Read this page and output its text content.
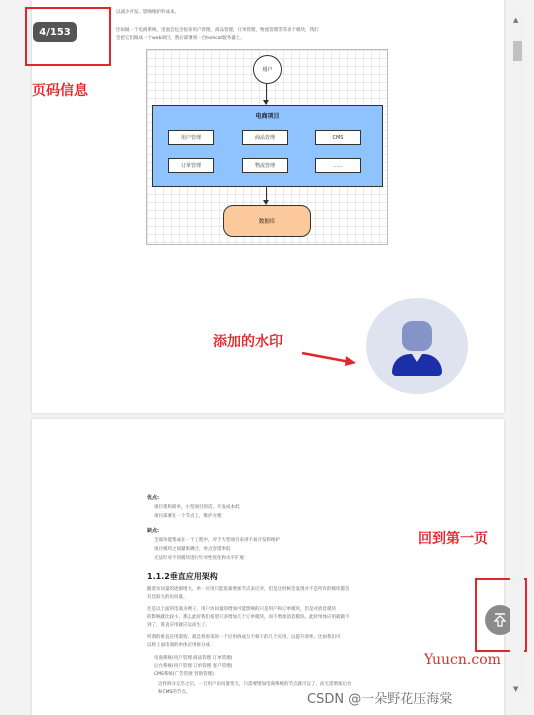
以减少开发、影响维护的成本。
比如做一个电商系统，里面会包含很多用户管理，商品管理，订单管理，物流管理等等多个模块，我们
会把它们做成一个web项目，然后部署到一台tomcat服务器上。
用户
电商项目
用户管理	商品管理	CMS
订单管理	物流管理	......
数据库
优点:
项目架构简单，小型项目的话，开发成本低
项目部署在一个节点上，维护方便
缺点:
全部功能集成在一个工程中，对于大型项目来讲不易开发和维护
项目模块之间紧密耦合，单点容错率低
无法针对不同模块进行针对性优化和水平扩展
1.1.2垂直应用架构
随着访问量的逐渐增大，单一应用只能依靠增加节点来应对，但是这时候会发现并不是所有的模块都会
有比较大的访问量。
还是以上面的电商为例子，用户访问量的增加可能影响的只是用户和订单模块，但是对消息模块
的影响就比较小，那么此时我们希望只多增加几个订单模块，而不增加消息模块。此时单体应用就做不
到了，垂直应用就应运而生了。
所谓的垂直应用架构，就是将原来的一个应用拆成互不相干的几个应用，以提升效率。比如我们可
以将上面电商的单体应用拆分成：
电商系统(用户管理 商品管理 订单管理)
后台系统(用户管理 订单管理 客户管理)
CMS系统(广告管理 营销管理)
这样拆分完毕之后，一旦用户访问量变大，只需要增加电商系统的节点就可以了，而无需增加后台
和CMS的节点。
4/153
页码信息
添加的水印
回到第一页
▲
▼
Yuucn.com
CSDN @一朵野花压海棠
